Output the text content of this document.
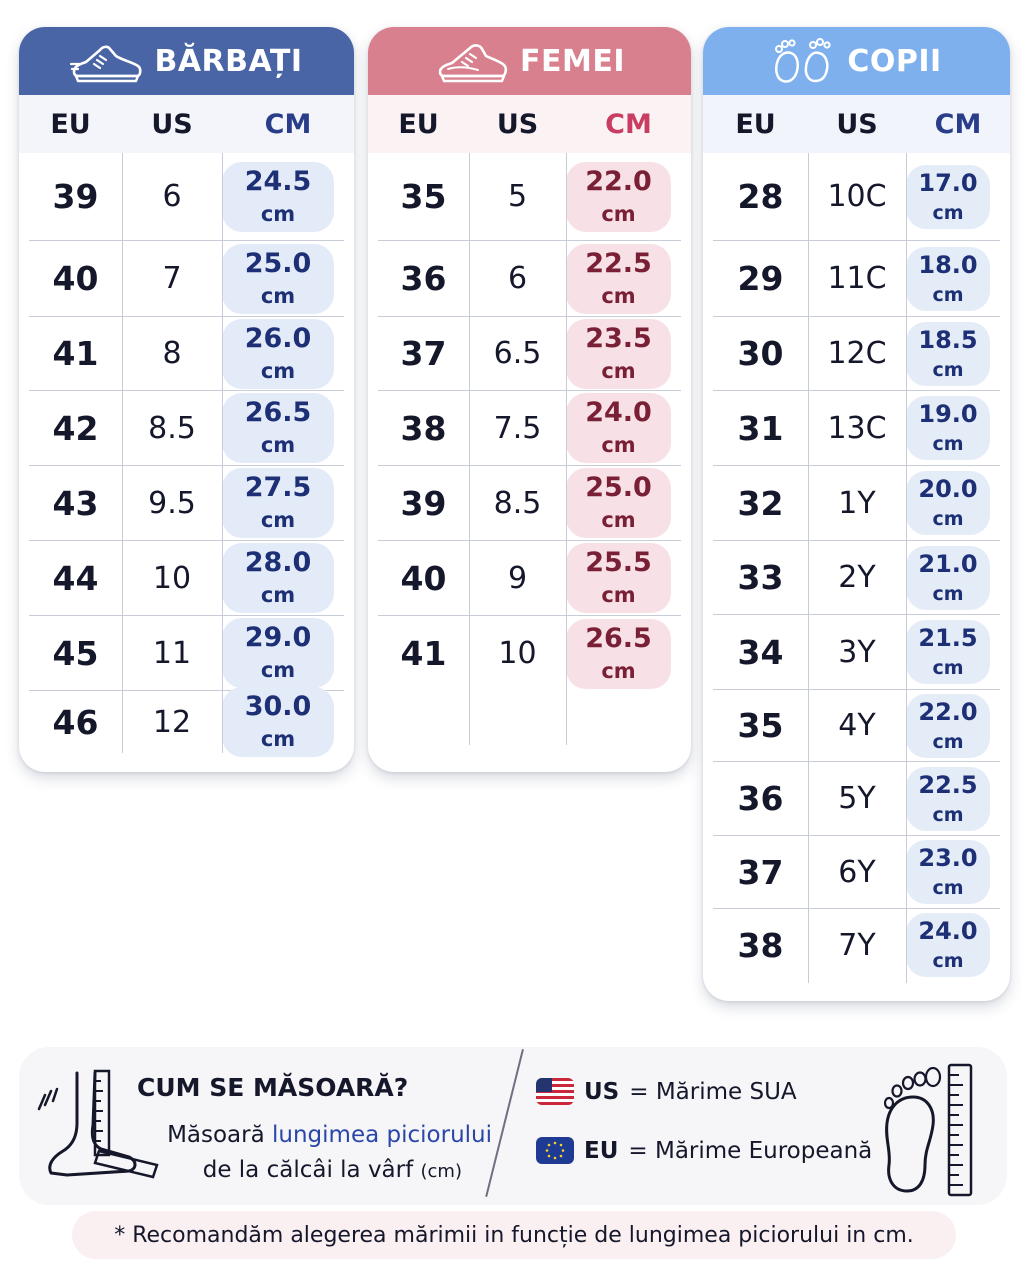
BĂRBAȚI
EU	US	CM
39	6	24.5 cm
40	7	25.0 cm
41	8	26.0 cm
42	8.5	26.5 cm
43	9.5	27.5 cm
44	10	28.0 cm
45	11	29.0 cm
46	12	30.0 cm
FEMEI
EU	US	CM
35	5	22.0 cm
36	6	22.5 cm
37	6.5	23.5 cm
38	7.5	24.0 cm
39	8.5	25.0 cm
40	9	25.5 cm
41	10	26.5 cm
COPII
EU	US	CM
28	10C	17.0 cm
29	11C	18.0 cm
30	12C	18.5 cm
31	13C	19.0 cm
32	1Y	20.0 cm
33	2Y	21.0 cm
34	3Y	21.5 cm
35	4Y	22.0 cm
36	5Y	22.5 cm
37	6Y	23.0 cm
38	7Y	24.0 cm
CUM SE MĂSOARĂ?
Măsoară lungimea piciorului
de la călcâi la vârf (cm)
US = Mărime SUA
EU = Mărime Europeană
* Recomandăm alegerea mărimii in funcție de lungimea piciorului in cm.
